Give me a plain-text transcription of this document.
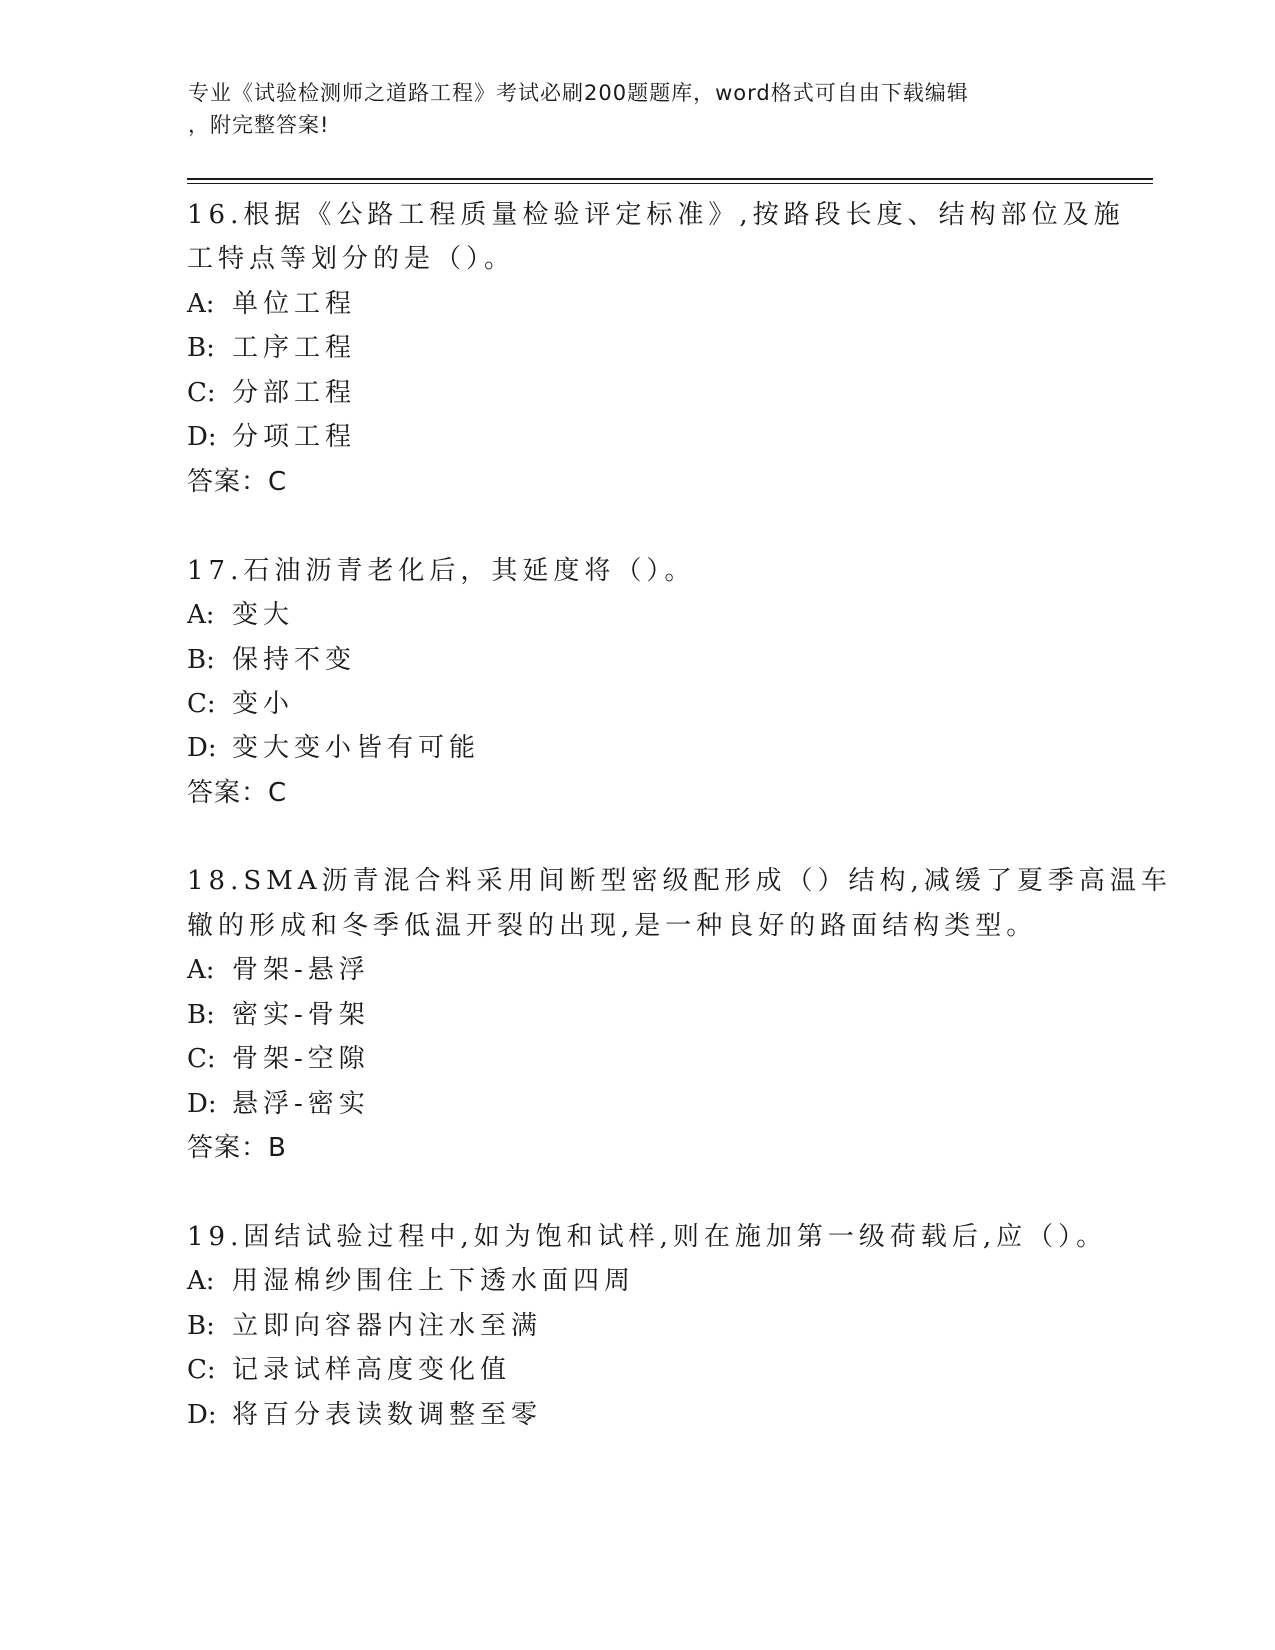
专业《试验检测师之道路工程》考试必刷200题题库，word格式可自由下载编辑
，附完整答案!
16.根据《公路工程质量检验评定标准》,按路段长度、结构部位及施
工特点等划分的是（）。
A: 单位工程
B: 工序工程
C: 分部工程
D: 分项工程
答案：C
17.石油沥青老化后，其延度将（）。
A: 变大
B: 保持不变
C: 变小
D: 变大变小皆有可能
答案：C
18.SMA沥青混合料采用间断型密级配形成（）结构,减缓了夏季高温车
辙的形成和冬季低温开裂的出现,是一种良好的路面结构类型。
A: 骨架-悬浮
B: 密实-骨架
C: 骨架-空隙
D: 悬浮-密实
答案：B
19.固结试验过程中,如为饱和试样,则在施加第一级荷载后,应（）。
A: 用湿棉纱围住上下透水面四周
B: 立即向容器内注水至满
C: 记录试样高度变化值
D: 将百分表读数调整至零
